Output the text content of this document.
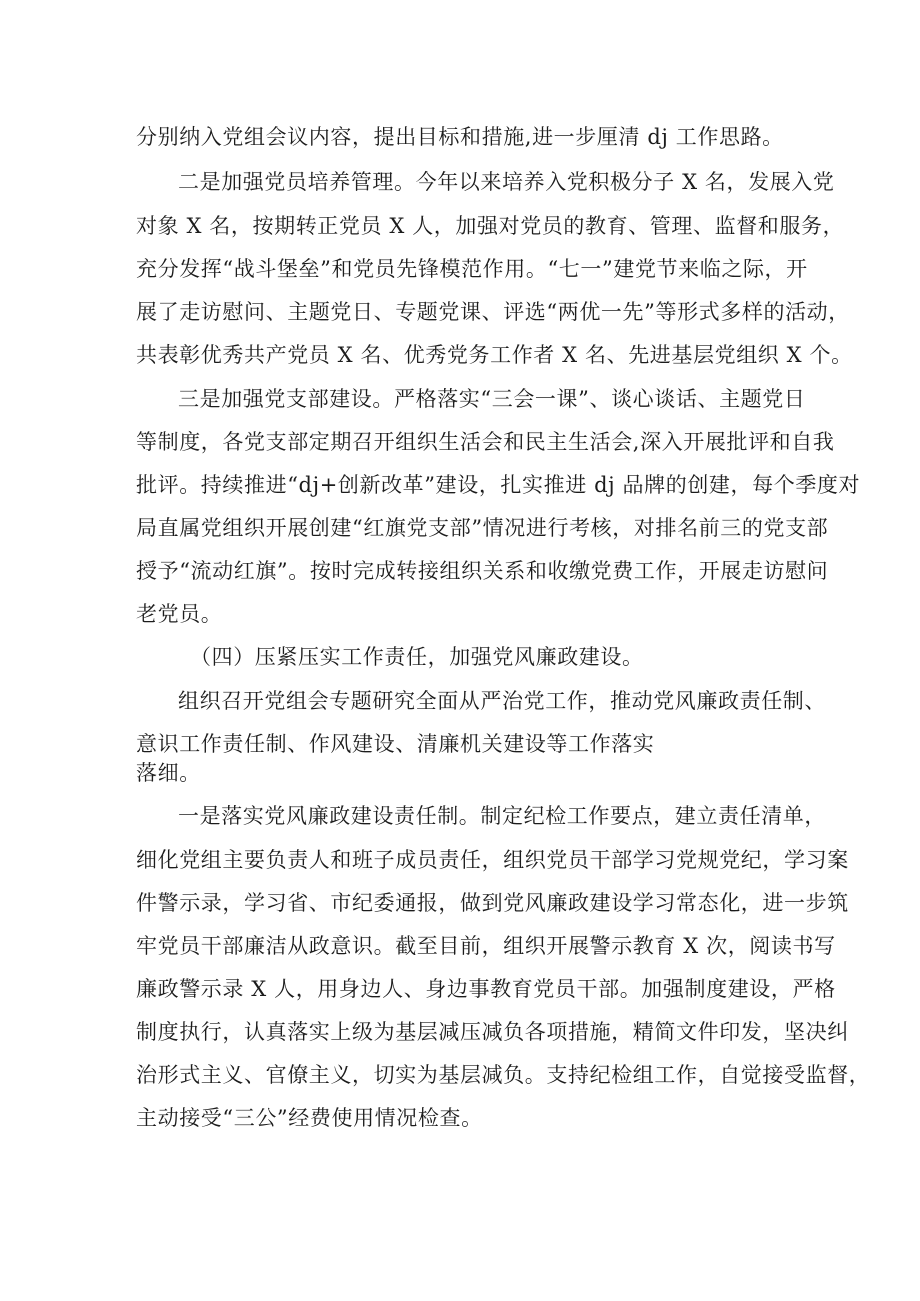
分别纳入党组会议内容，提出目标和措施,进一步厘清 dj 工作思路。
二是加强党员培养管理。今年以来培养入党积极分子 X 名，发展入党
对象 X 名，按期转正党员 X 人，加强对党员的教育、管理、监督和服务，
充分发挥“战斗堡垒”和党员先锋模范作用。“七一”建党节来临之际，开
展了走访慰问、主题党日、专题党课、评选“两优一先”等形式多样的活动，
共表彰优秀共产党员 X 名、优秀党务工作者 X 名、先进基层党组织 X 个。
三是加强党支部建设。严格落实“三会一课”、谈心谈话、主题党日
等制度，各党支部定期召开组织生活会和民主生活会,深入开展批评和自我
批评。持续推进“dj+创新改革”建设，扎实推进 dj 品牌的创建，每个季度对
局直属党组织开展创建“红旗党支部”情况进行考核，对排名前三的党支部
授予“流动红旗”。按时完成转接组织关系和收缴党费工作，开展走访慰问
老党员。
（四）压紧压实工作责任，加强党风廉政建设。
组织召开党组会专题研究全面从严治党工作，推动党风廉政责任制、
意识工作责任制、作风建设、清廉机关建设等工作落实
落细。
一是落实党风廉政建设责任制。制定纪检工作要点，建立责任清单，
细化党组主要负责人和班子成员责任，组织党员干部学习党规党纪，学习案
件警示录，学习省、市纪委通报，做到党风廉政建设学习常态化，进一步筑
牢党员干部廉洁从政意识。截至目前，组织开展警示教育 X 次，阅读书写
廉政警示录 X 人，用身边人、身边事教育党员干部。加强制度建设，严格
制度执行，认真落实上级为基层减压减负各项措施，精简文件印发，坚决纠
治形式主义、官僚主义，切实为基层减负。支持纪检组工作，自觉接受监督，
主动接受“三公”经费使用情况检查。
